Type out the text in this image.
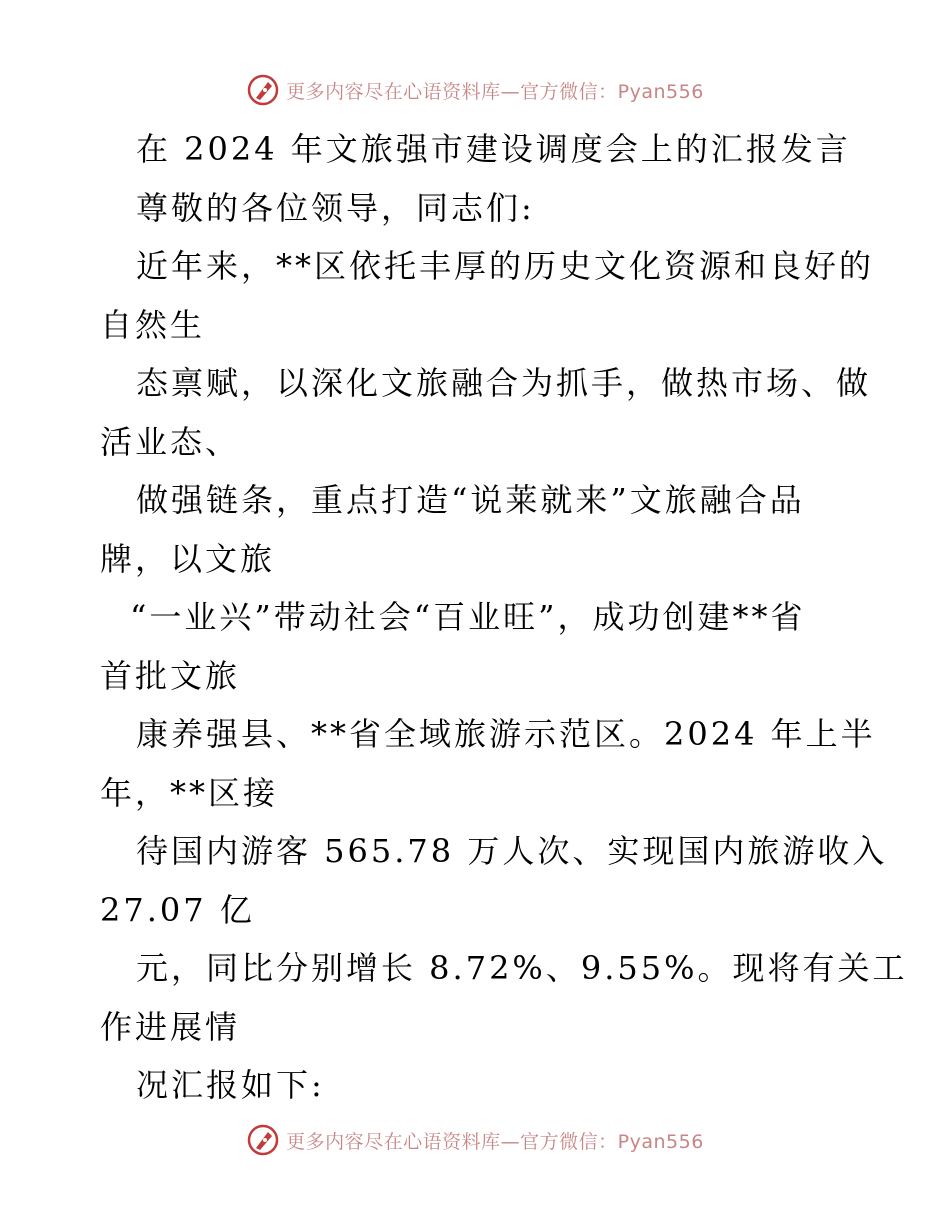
更多内容尽在心语资料库—官方微信：Pyan556
在 2024 年文旅强市建设调度会上的汇报发言
尊敬的各位领导，同志们:
近年来，**区依托丰厚的历史文化资源和良好的
自然生
态禀赋，以深化文旅融合为抓手，做热市场、做
活业态、
做强链条，重点打造“说莱就来”文旅融合品
牌，以文旅
“一业兴”带动社会“百业旺”，成功创建**省
首批文旅
康养强县、**省全域旅游示范区。2024 年上半
年，**区接
待国内游客 565.78 万人次、实现国内旅游收入
27.07 亿
元，同比分别增长 8.72%、9.55%。现将有关工
作进展情
况汇报如下:
更多内容尽在心语资料库—官方微信：Pyan556
